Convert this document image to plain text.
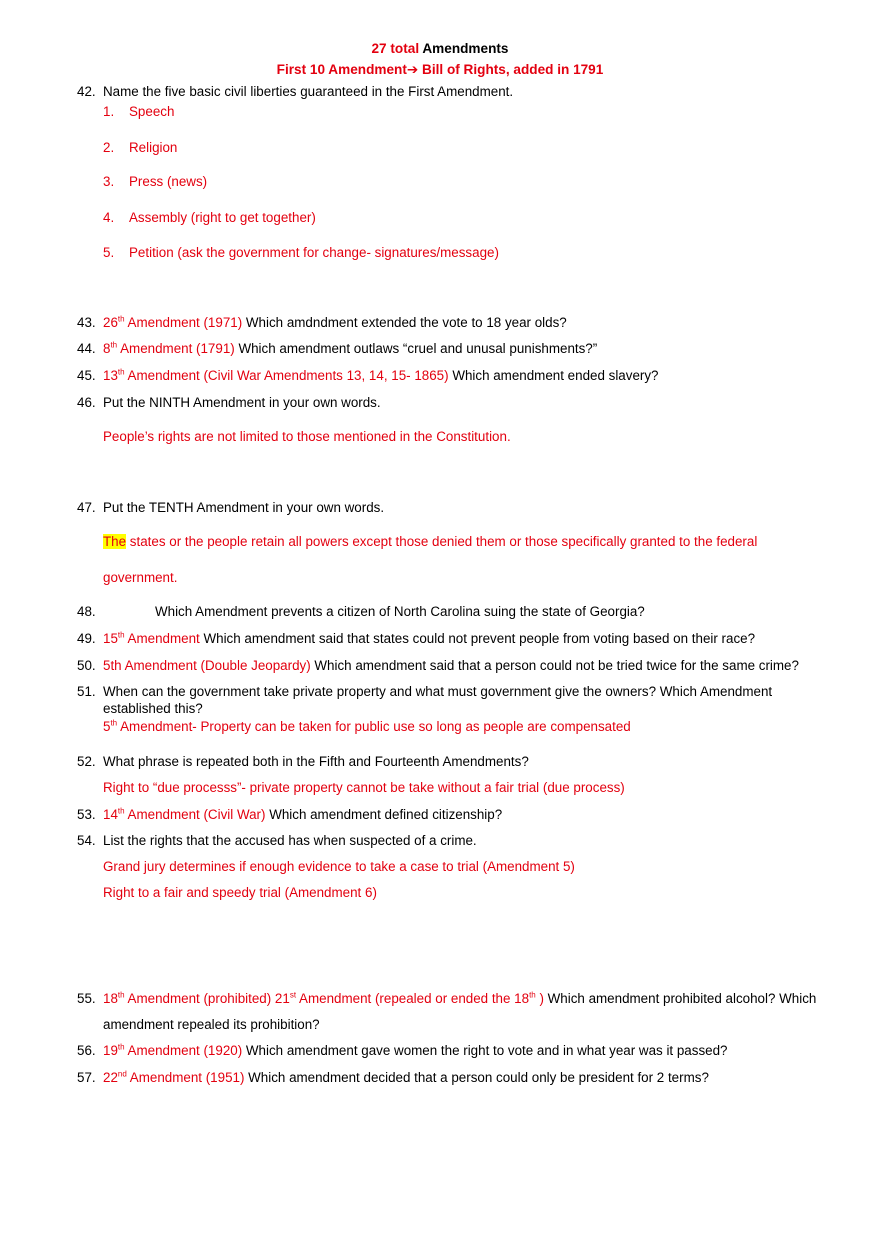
27 total Amendments
First 10 Amendment➔ Bill of Rights, added in 1791
42. Name the five basic civil liberties guaranteed in the First Amendment.
1. Speech
2. Religion
3. Press (news)
4. Assembly (right to get together)
5. Petition (ask the government for change- signatures/message)
43. 26th Amendment (1971) Which amdndment extended the vote to 18 year olds?
44. 8th Amendment (1791) Which amendment outlaws “cruel and unusal punishments?”
45. 13th Amendment (Civil War Amendments 13, 14, 15- 1865) Which amendment ended slavery?
46. Put the NINTH Amendment in your own words.
People’s rights are not limited to those mentioned in the Constitution.
47. Put the TENTH Amendment in your own words.
The states or the people retain all powers except those denied them or those specifically granted to the federal
government.
48.	Which Amendment prevents a citizen of North Carolina suing the state of Georgia?
49. 15th Amendment Which amendment said that states could not prevent people from voting based on their race?
50. 5th Amendment (Double Jeopardy) Which amendment said that a person could not be tried twice for the same crime?
51. When can the government take private property and what must government give the owners? Which Amendment
established this?
5th Amendment- Property can be taken for public use so long as people are compensated
52. What phrase is repeated both in the Fifth and Fourteenth Amendments?
Right to “due processs”- private property cannot be take without a fair trial (due process)
53. 14th Amendment (Civil War) Which amendment defined citizenship?
54. List the rights that the accused has when suspected of a crime.
Grand jury determines if enough evidence to take a case to trial (Amendment 5)
Right to a fair and speedy trial (Amendment 6)
55. 18th Amendment (prohibited) 21st Amendment (repealed or ended the 18th ) Which amendment prohibited alcohol? Which
amendment repealed its prohibition?
56. 19th Amendment (1920) Which amendment gave women the right to vote and in what year was it passed?
57. 22nd Amendment (1951) Which amendment decided that a person could only be president for 2 terms?
